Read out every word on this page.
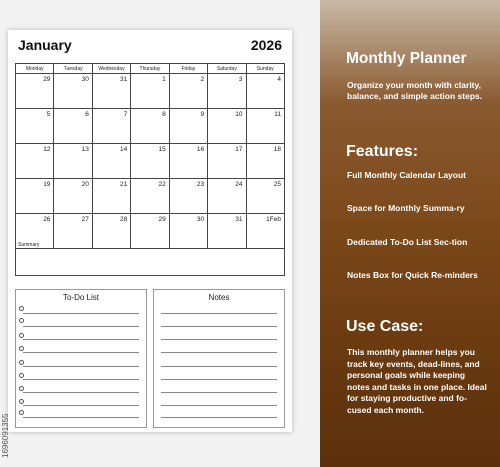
January	2026
Monday	Tuesday	Wednesday	Thursday	Friday	Saturday	Sunday
29	30	31	1	2	3	4
5	6	7	8	9	10	11
12	13	14	15	16	17	18
19	20	21	22	23	24	25
26	27	28	29	30	31	1Feb
Summary
To-Do List	Notes
1696091355
Monthly Planner
Organize your month with clarity, balance, and simple action steps.
Features:
Full Monthly Calendar Layout
Space for Monthly Summa-ry
Dedicated To-Do List Sec-tion
Notes Box for Quick Re-minders
Use Case:
This monthly planner helps you track key events, dead-lines, and personal goals while keeping notes and tasks in one place. Ideal for staying productive and fo-cused each month.
